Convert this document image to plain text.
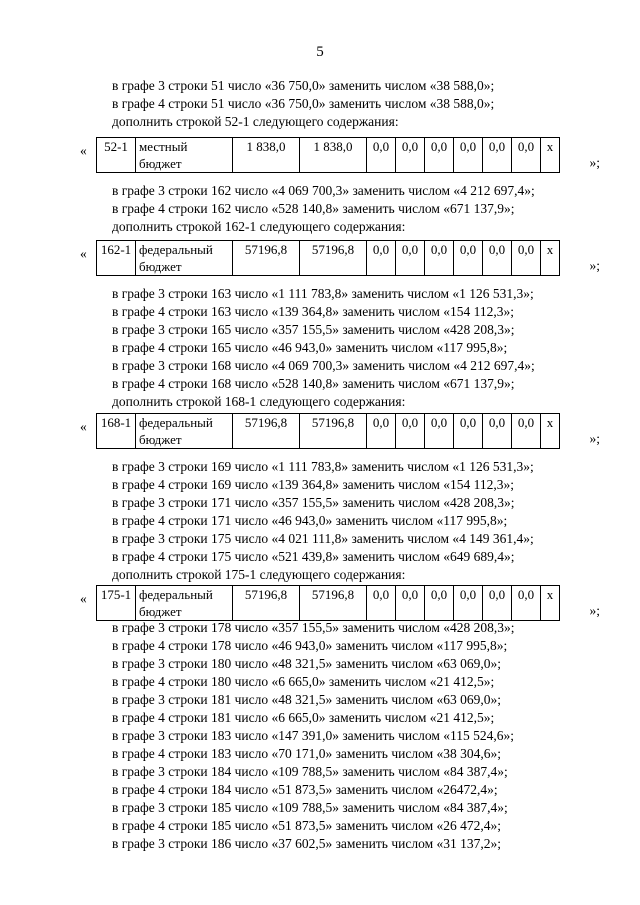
5
в графе 3 строки 51 число «36 750,0» заменить числом «38 588,0»;
в графе 4 строки 51 число «36 750,0» заменить числом «38 588,0»;
дополнить строкой 52-1 следующего содержания:
« 52-1	местный
бюджет
	1 838,0	1 838,0	0,0	0,0	0,0	0,0	0,0	0,0	х
»;
в графе 3 строки 162 число «4 069 700,3» заменить числом «4 212 697,4»;
в графе 4 строки 162 число «528 140,8» заменить числом «671 137,9»;
дополнить строкой 162-1 следующего содержания:
« 162-1	федеральный
бюджет
	57196,8	57196,8	0,0	0,0	0,0	0,0	0,0	0,0	х
»;
в графе 3 строки 163 число «1 111 783,8» заменить числом «1 126 531,3»;
в графе 4 строки 163 число «139 364,8» заменить числом «154 112,3»;
в графе 3 строки 165 число «357 155,5» заменить числом «428 208,3»;
в графе 4 строки 165 число «46 943,0» заменить числом «117 995,8»;
в графе 3 строки 168 число «4 069 700,3» заменить числом «4 212 697,4»;
в графе 4 строки 168 число «528 140,8» заменить числом «671 137,9»;
дополнить строкой 168-1 следующего содержания:
« 168-1	федеральный
бюджет
	57196,8	57196,8	0,0	0,0	0,0	0,0	0,0	0,0	х
»;
в графе 3 строки 169 число «1 111 783,8» заменить числом «1 126 531,3»;
в графе 4 строки 169 число «139 364,8» заменить числом «154 112,3»;
в графе 3 строки 171 число «357 155,5» заменить числом «428 208,3»;
в графе 4 строки 171 число «46 943,0» заменить числом «117 995,8»;
в графе 3 строки 175 число «4 021 111,8» заменить числом «4 149 361,4»;
в графе 4 строки 175 число «521 439,8» заменить числом «649 689,4»;
дополнить строкой 175-1 следующего содержания:
« 175-1	федеральный
бюджет
	57196,8	57196,8	0,0	0,0	0,0	0,0	0,0	0,0	х
»;
в графе 3 строки 178 число «357 155,5» заменить числом «428 208,3»;
в графе 4 строки 178 число «46 943,0» заменить числом «117 995,8»;
в графе 3 строки 180 число «48 321,5» заменить числом «63 069,0»;
в графе 4 строки 180 число «6 665,0» заменить числом «21 412,5»;
в графе 3 строки 181 число «48 321,5» заменить числом «63 069,0»;
в графе 4 строки 181 число «6 665,0» заменить числом «21 412,5»;
в графе 3 строки 183 число «147 391,0» заменить числом «115 524,6»;
в графе 4 строки 183 число «70 171,0» заменить числом «38 304,6»;
в графе 3 строки 184 число «109 788,5» заменить числом «84 387,4»;
в графе 4 строки 184 число «51 873,5» заменить числом «26472,4»;
в графе 3 строки 185 число «109 788,5» заменить числом «84 387,4»;
в графе 4 строки 185 число «51 873,5» заменить числом «26 472,4»;
в графе 3 строки 186 число «37 602,5» заменить числом «31 137,2»;
